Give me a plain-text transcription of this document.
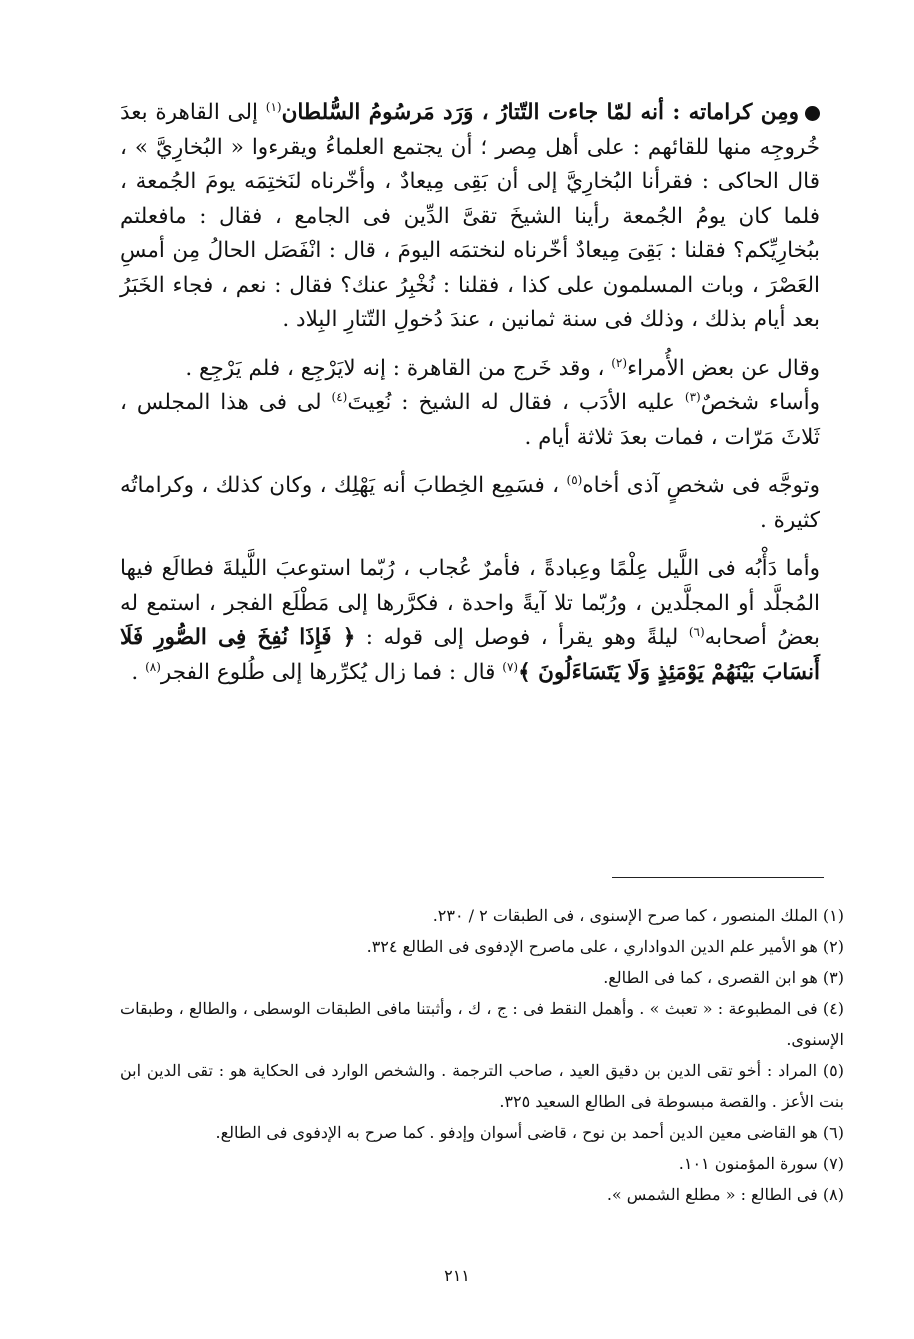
ومِن كراماته : أنه لمّا جاءت التّتارُ ، وَرَد مَرسُومُ السُّلطان$^{(١)}$ إلى القاهرة بعدَ خُروجِه منها للقائهم : على أهل مِصر ؛ أن يجتمع العلماءُ ويقرءوا « البُخارِيَّ » ، قال الحاكى : فقرأنا البُخارِيَّ إلى أن بَقِى مِيعادٌ ، وأخّرناه لنَختِمَه يومَ الجُمعة ، فلما كان يومُ الجُمعة رأينا الشيخَ تقىَّ الدِّين فى الجامع ، فقال : مافعلتم ببُخارِيِّكم؟ فقلنا : بَقِىَ مِيعادٌ أخّرناه لنختمَه اليومَ ، قال : انْفَصَل الحالُ مِن أمسِ العَصْرَ ، وبات المسلمون على كذا ، فقلنا : نُخْبِرُ عنك؟ فقال : نعم ، فجاء الخَبَرُ بعد أيام بذلك ، وذلك فى سنة ثمانين ، عندَ دُخولِ التّتارِ البِلاد .

وقال عن بعض الأُمراء$^{(٢)}$ ، وقد خَرج من القاهرة : إنه لايَرْجِع ، فلم يَرْجِع .

وأساء شخصٌ$^{(٣)}$ عليه الأدَب ، فقال له الشيخ : نُعِيتَ$^{(٤)}$ لى فى هذا المجلس ، ثَلاثَ مَرّات ، فمات بعدَ ثلاثة أيام .

وتوجَّه فى شخصٍ آذى أخاه$^{(٥)}$ ، فسَمِع الخِطابَ أنه يَهْلِك ، وكان كذلك ، وكراماتُه كثيرة .

وأما دَأْبُه فى اللَّيل عِلْمًا وعِبادةً ، فأمرٌ عُجاب ، رُبّما استوعبَ اللَّيلةَ فطالَع فيها المُجلَّد أو المجلَّدين ، ورُبّما تلا آيةً واحدة ، فكرَّرها إلى مَطْلَع الفجر ، استمع له بعضُ أصحابه$^{(٦)}$ ليلةً وهو يقرأ ، فوصل إلى قوله : ﴿ فَإِذَا نُفِخَ فِى الصُّورِ فَلَا أَنسَابَ بَيْنَهُمْ يَوْمَئِذٍ وَلَا يَتَسَاءَلُونَ ﴾$^{(٧)}$ قال : فما زال يُكرِّرها إلى طُلوع الفجر$^{(٨)}$ .

(١) الملك المنصور ، كما صرح الإسنوى ، فى الطبقات ٢ / ٢٣٠.

(٢) هو الأمير علم الدين الدواداري ، على ماصرح الإدفوى فى الطالع ٣٢٤.

(٣) هو ابن القصرى ، كما فى الطالع.

(٤) فى المطبوعة : « تعبث » . وأهمل النقط فى : ج ، ك ، وأثبتنا مافى الطبقات الوسطى ، والطالع ، وطبقات الإسنوى.

(٥) المراد : أخو تقى الدين بن دقيق العيد ، صاحب الترجمة . والشخص الوارد فى الحكاية هو : تقى الدين ابن بنت الأعز . والقصة مبسوطة فى الطالع السعيد ٣٢٥.

(٦) هو القاضى معين الدين أحمد بن نوح ، قاضى أسوان وإدفو . كما صرح به الإدفوى فى الطالع.

(٧) سورة المؤمنون ١٠١.

(٨) فى الطالع : « مطلع الشمس ».

٢١١
